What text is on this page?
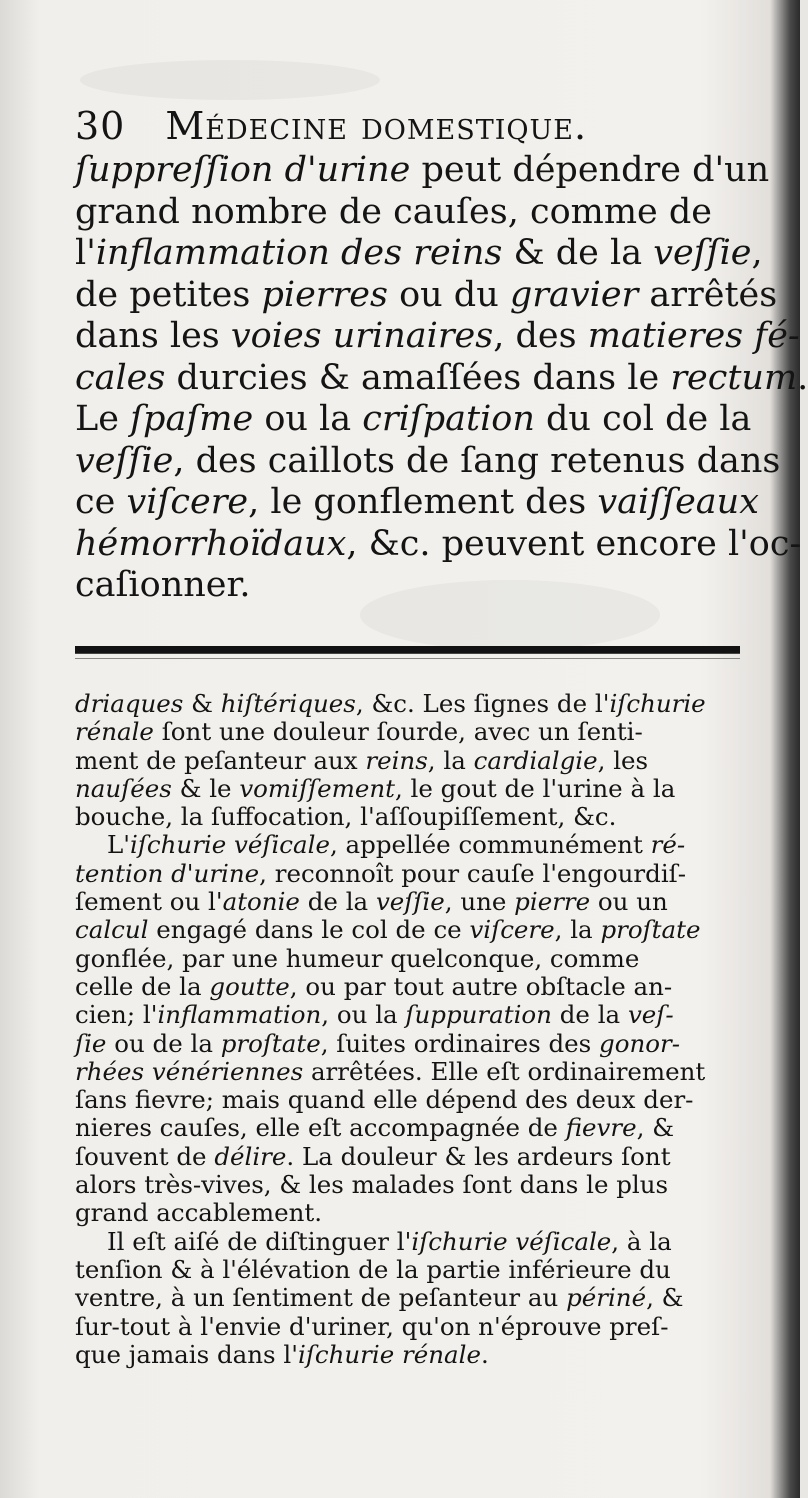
30 Médecine domestique.
ſuppreſſion d'urine peut dépendre d'un
grand nombre de cauſes, comme de
l'inflammation des reins & de la veſſie,
de petites pierres ou du gravier arrêtés
dans les voies urinaires, des matieres fé-
cales durcies & amaſſées dans le rectum.
Le ſpaſme ou la criſpation du col de la
veſſie, des caillots de ſang retenus dans
ce viſcere, le gonflement des vaiſſeaux
hémorrhoïdaux, &c. peuvent encore l'oc-
caſionner.
driaques & hiſtériques, &c. Les ſignes de l'iſchurie
rénale ſont une douleur ſourde, avec un ſenti-
ment de peſanteur aux reins, la cardialgie, les
nauſées & le vomiſſement, le gout de l'urine à la
bouche, la ſuffocation, l'aſſoupiſſement, &c.
L'iſchurie véſicale, appellée communément ré-
tention d'urine, reconnoît pour cauſe l'engourdiſ-
ſement ou l'atonie de la veſſie, une pierre ou un
calcul engagé dans le col de ce viſcere, la proſtate
gonflée, par une humeur quelconque, comme
celle de la goutte, ou par tout autre obſtacle an-
cien; l'inflammation, ou la ſuppuration de la veſ-
ſie ou de la proſtate, ſuites ordinaires des gonor-
rhées vénériennes arrêtées. Elle eſt ordinairement
ſans fievre; mais quand elle dépend des deux der-
nieres cauſes, elle eſt accompagnée de fievre, &
ſouvent de délire. La douleur & les ardeurs ſont
alors très-vives, & les malades ſont dans le plus
grand accablement.
Il eſt aiſé de diſtinguer l'iſchurie véſicale, à la
tenſion & à l'élévation de la partie inférieure du
ventre, à un ſentiment de peſanteur au périné, &
ſur-tout à l'envie d'uriner, qu'on n'éprouve preſ-
que jamais dans l'iſchurie rénale.
